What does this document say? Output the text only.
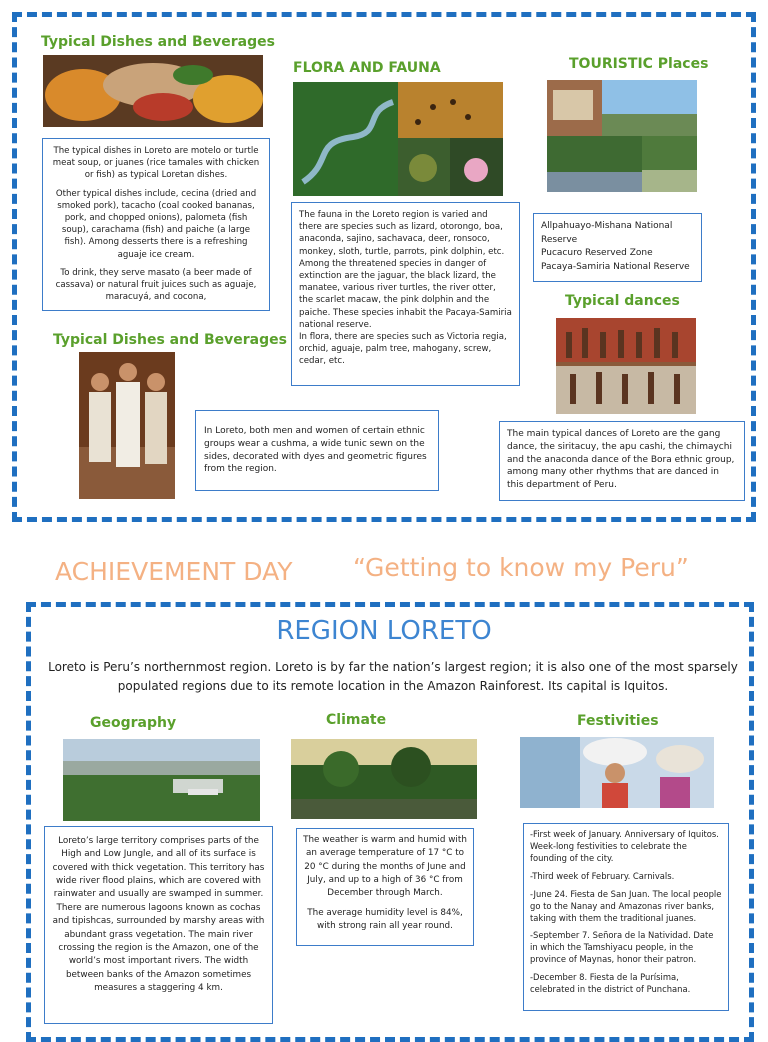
Typical Dishes and Beverages

The typical dishes in Loreto are motelo or turtle meat soup, or juanes (rice tamales with chicken or fish) as typical Loretan dishes.

Other typical dishes include, cecina (dried and smoked pork), tacacho (coal cooked bananas, pork, and chopped onions), palometa (fish soup), carachama (fish) and paiche (a large fish). Among desserts there is a refreshing aguaje ice cream.

To drink, they serve masato (a beer made of cassava) or natural fruit juices such as aguaje, maracuyá, and cocona,

FLORA AND FAUNA

The fauna in the Loreto region is varied and there are species such as lizard, otorongo, boa, anaconda, sajino, sachavaca, deer, ronsoco, monkey, sloth, turtle, parrots, pink dolphin, etc. Among the threatened species in danger of extinction are the jaguar, the black lizard, the manatee, various river turtles, the river otter, the scarlet macaw, the pink dolphin and the paiche. These species inhabit the Pacaya-Samiria national reserve.

In flora, there are species such as Victoria regia, orchid, aguaje, palm tree, mahogany, screw, cedar, etc.

TOURISTIC Places
Allpahuayo-Mishana National Reserve
Pucacuro Reserved Zone
Pacaya-Samiria National Reserve
Typical dances
Typical Dishes and Beverages
In Loreto, both men and women of certain ethnic groups wear a cushma, a wide tunic sewn on the sides, decorated with dyes and geometric figures from the region.
The main typical dances of Loreto are the gang dance, the siritacuy, the apu cashi, the chimaychi and the anaconda dance of the Bora ethnic group, among many other rhythms that are danced in this department of Peru.
ACHIEVEMENT DAY “Getting to know my Peru”
REGION LORETO
Loreto is Peru’s northernmost region. Loreto is by far the nation’s largest region; it is also one of the most sparsely populated regions due to its remote location in the Amazon Rainforest. Its capital is Iquitos.
Geography	Climate	Festivities
Loreto’s large territory comprises parts of the High and Low Jungle, and all of its surface is covered with thick vegetation. This territory has wide river flood plains, which are covered with rainwater and usually are swamped in summer. There are numerous lagoons known as cochas and tipishcas, surrounded by marshy areas with abundant grass vegetation. The main river crossing the region is the Amazon, one of the world’s most important rivers. The width between banks of the Amazon sometimes measures a staggering 4 km.

The weather is warm and humid with an average temperature of 17 °C to 20 °C during the months of June and July, and up to a high of 36 °C from December through March.

The average humidity level is 84%, with strong rain all year round.

-First week of January. Anniversary of Iquitos. Week-long festivities to celebrate the founding of the city.

-Third week of February. Carnivals.

-June 24. Fiesta de San Juan. The local people go to the Nanay and Amazonas river banks, taking with them the traditional juanes.

-September 7. Señora de la Natividad. Date in which the Tamshiyacu people, in the province of Maynas, honor their patron.

-December 8. Fiesta de la Purísima, celebrated in the district of Punchana.
